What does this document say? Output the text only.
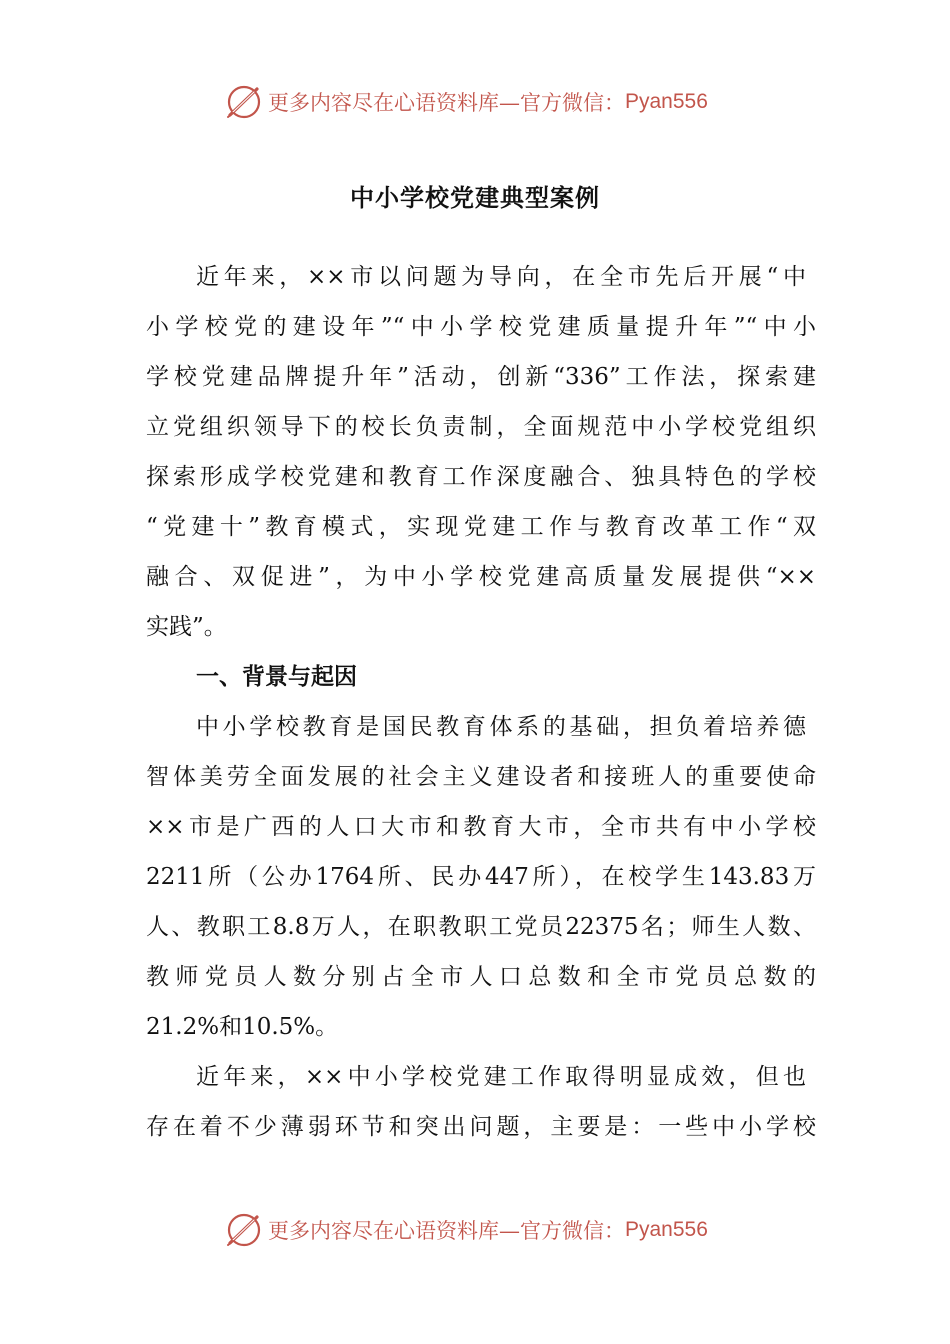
更多内容尽在心语资料库—官方微信： Pyan556
中小学校党建典型案例
近年来，××市以问题为导向，在全市先后开展“中
小学校党的建设年”“中小学校党建质量提升年”“中小
学校党建品牌提升年”活动，创新“336”工作法，探索建
立党组织领导下的校长负责制，全面规范中小学校党组织
探索形成学校党建和教育工作深度融合、独具特色的学校
“党建十”教育模式，实现党建工作与教育改革工作“双
融合、双促进”，为中小学校党建高质量发展提供“××
实践”。
一、背景与起因
中小学校教育是国民教育体系的基础，担负着培养德
智体美劳全面发展的社会主义建设者和接班人的重要使命
××市是广西的人口大市和教育大市，全市共有中小学校
2211所（公办1764所、民办447所），在校学生143.83万
人、教职工8.8万人，在职教职工党员22375名；师生人数、
教师党员人数分别占全市人口总数和全市党员总数的
21.2%和10.5%。
近年来，××中小学校党建工作取得明显成效，但也
存在着不少薄弱环节和突出问题，主要是：一些中小学校
更多内容尽在心语资料库—官方微信： Pyan556
